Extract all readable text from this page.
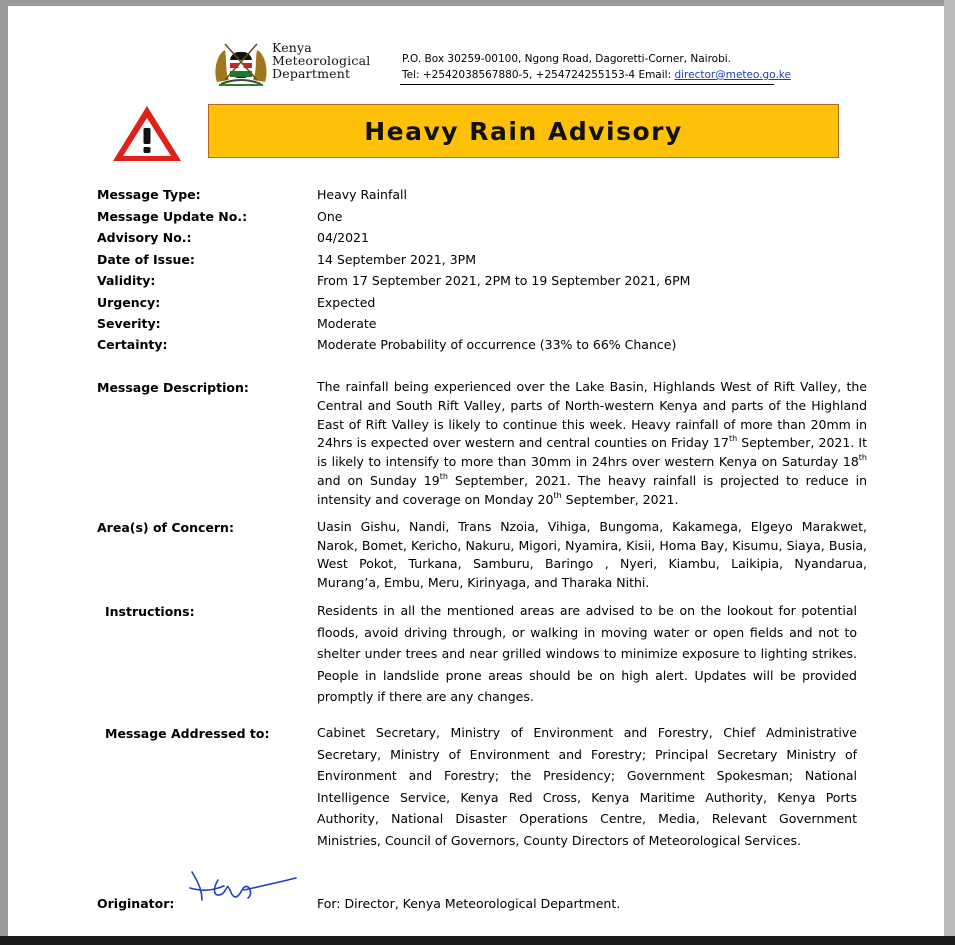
Kenya
Meteorological
Department
P.O. Box 30259-00100, Ngong Road, Dagoretti-Corner, Nairobi.
Tel: +2542038567880-5, +254724255153-4 Email: director@meteo.go.ke
Heavy Rain Advisory
Message Type:	Heavy Rainfall
Message Update No.:	One
Advisory No.:	04/2021
Date of Issue:	14 September 2021, 3PM
Validity:	From 17 September 2021, 2PM to 19 September 2021, 6PM
Urgency:	Expected
Severity:	Moderate
Certainty:	Moderate Probability of occurrence (33% to 66% Chance)
Message Description:	The rainfall being experienced over the Lake Basin, Highlands West of Rift Valley, the Central and South Rift Valley, parts of North-western Kenya and parts of the Highland East of Rift Valley is likely to continue this week. Heavy rainfall of more than 20mm in 24hrs is expected over western and central counties on Friday 17th September, 2021. It is likely to intensify to more than 30mm in 24hrs over western Kenya on Saturday 18th and on Sunday 19th September, 2021. The heavy rainfall is projected to reduce in intensity and coverage on Monday 20th September, 2021.
Area(s) of Concern:	Uasin Gishu, Nandi, Trans Nzoia, Vihiga, Bungoma, Kakamega, Elgeyo Marakwet, Narok, Bomet, Kericho, Nakuru, Migori, Nyamira, Kisii, Homa Bay, Kisumu, Siaya, Busia, West Pokot, Turkana, Samburu, Baringo , Nyeri, Kiambu, Laikipia, Nyandarua, Murang’a, Embu, Meru, Kirinyaga, and Tharaka Nithi.
Instructions:	Residents in all the mentioned areas are advised to be on the lookout for potential floods, avoid driving through, or walking in moving water or open fields and not to shelter under trees and near grilled windows to minimize exposure to lighting strikes. People in landslide prone areas should be on high alert. Updates will be provided promptly if there are any changes.
Message Addressed to:	Cabinet Secretary, Ministry of Environment and Forestry, Chief Administrative Secretary, Ministry of Environment and Forestry; Principal Secretary Ministry of Environment and Forestry; the Presidency; Government Spokesman; National Intelligence Service, Kenya Red Cross, Kenya Maritime Authority, Kenya Ports Authority, National Disaster Operations Centre, Media, Relevant Government Ministries, Council of Governors, County Directors of Meteorological Services.
Originator:	For: Director, Kenya Meteorological Department.
